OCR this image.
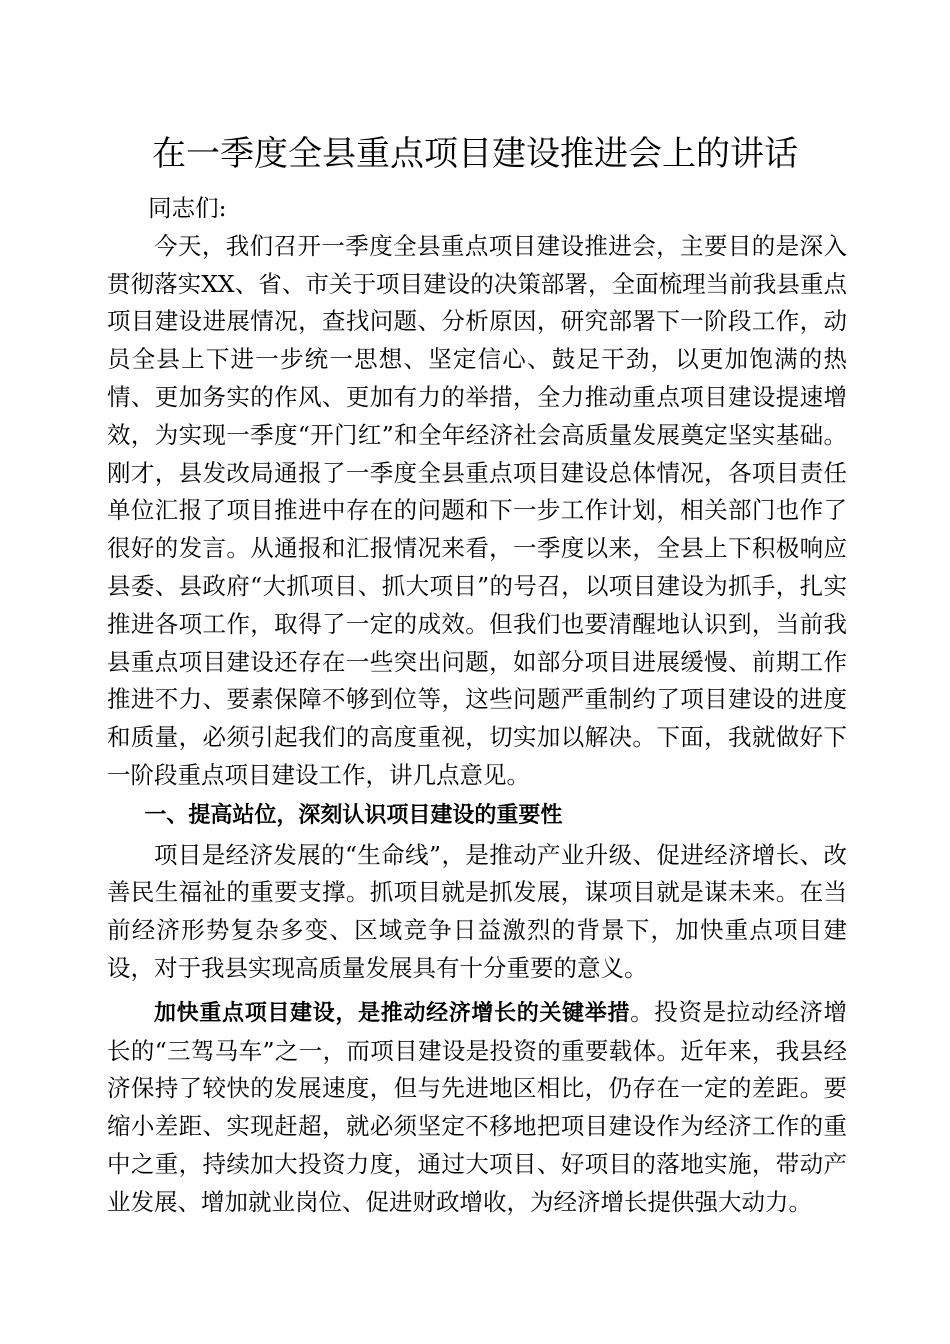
在一季度全县重点项目建设推进会上的讲话

同志们:

今天，我们召开一季度全县重点项目建设推进会，主要目的是深入贯彻落实XX、省、市关于项目建设的决策部署，全面梳理当前我县重点项目建设进展情况，查找问题、分析原因，研究部署下一阶段工作，动员全县上下进一步统一思想、坚定信心、鼓足干劲，以更加饱满的热情、更加务实的作风、更加有力的举措，全力推动重点项目建设提速增效，为实现一季度“开门红”和全年经济社会高质量发展奠定坚实基础。刚才，县发改局通报了一季度全县重点项目建设总体情况，各项目责任单位汇报了项目推进中存在的问题和下一步工作计划，相关部门也作了很好的发言。从通报和汇报情况来看，一季度以来，全县上下积极响应县委、县政府“大抓项目、抓大项目”的号召，以项目建设为抓手，扎实推进各项工作，取得了一定的成效。但我们也要清醒地认识到，当前我县重点项目建设还存在一些突出问题，如部分项目进展缓慢、前期工作推进不力、要素保障不够到位等，这些问题严重制约了项目建设的进度和质量，必须引起我们的高度重视，切实加以解决。下面，我就做好下一阶段重点项目建设工作，讲几点意见。

一、提高站位，深刻认识项目建设的重要性

项目是经济发展的“生命线”，是推动产业升级、促进经济增长、改善民生福祉的重要支撑。抓项目就是抓发展，谋项目就是谋未来。在当前经济形势复杂多变、区域竞争日益激烈的背景下，加快重点项目建设，对于我县实现高质量发展具有十分重要的意义。

加快重点项目建设，是推动经济增长的关键举措。投资是拉动经济增长的“三驾马车”之一，而项目建设是投资的重要载体。近年来，我县经济保持了较快的发展速度，但与先进地区相比，仍存在一定的差距。要缩小差距、实现赶超，就必须坚定不移地把项目建设作为经济工作的重中之重，持续加大投资力度，通过大项目、好项目的落地实施，带动产业发展、增加就业岗位、促进财政增收，为经济增长提供强大动力。
